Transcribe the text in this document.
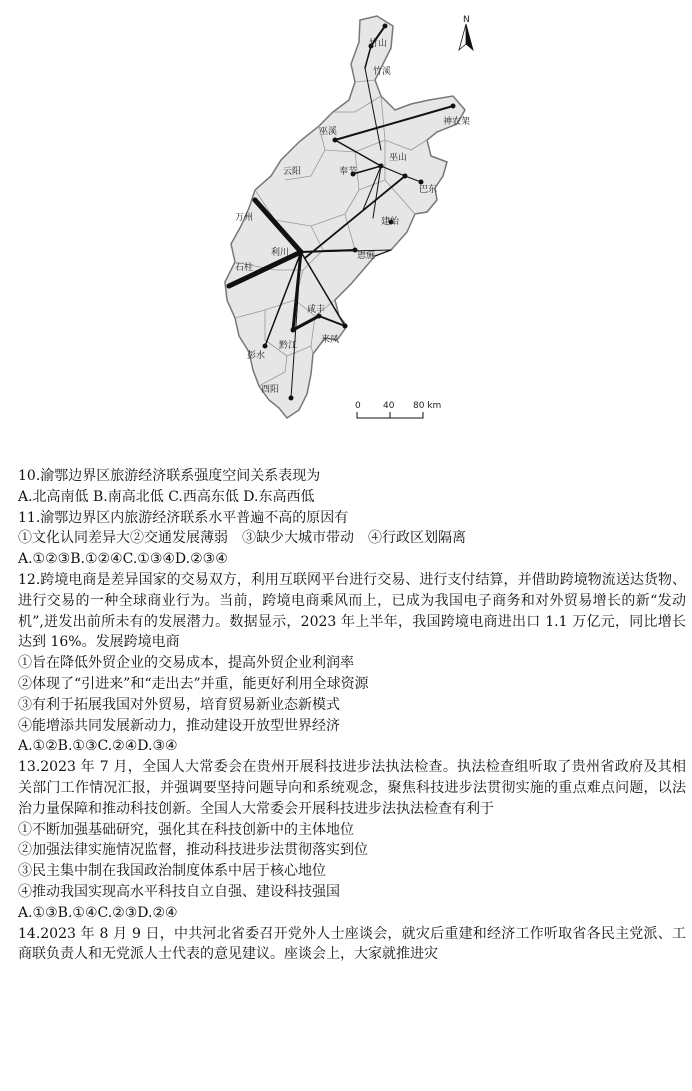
竹山
竹溪
神农架
巫溪
云阳	奉节
巫山
巴东
万州
利川
建始
恩施
石柱
咸丰
黔江
来凤
彭水
酉阳
N
0 40 80 km
10.渝鄂边界区旅游经济联系强度空间关系表现为
A.北高南低 B.南高北低 C.西高东低 D.东高西低
11.渝鄂边界区内旅游经济联系水平普遍不高的原因有
①文化认同差异大②交通发展薄弱　③缺少大城市带动　④行政区划隔离
A.①②③B.①②④C.①③④D.②③④
12.跨境电商是差异国家的交易双方，利用互联网平台进行交易、进行支付结算，并借助跨境物流送达货物、进行交易的一种全球商业行为。当前，跨境电商乘风而上，已成为我国电子商务和对外贸易增长的新“发动机”,迸发出前所未有的发展潜力。数据显示，2023 年上半年，我国跨境电商进出口 1.1 万亿元，同比增长达到 16%。发展跨境电商
①旨在降低外贸企业的交易成本，提高外贸企业利润率
②体现了“引进来”和“走出去”并重，能更好利用全球资源
③有利于拓展我国对外贸易，培育贸易新业态新模式
④能增添共同发展新动力，推动建设开放型世界经济
A.①②B.①③C.②④D.③④
13.2023 年 7 月，全国人大常委会在贵州开展科技进步法执法检查。执法检查组听取了贵州省政府及其相关部门工作情况汇报，并强调要坚持问题导向和系统观念，聚焦科技进步法贯彻实施的重点难点问题，以法治力量保障和推动科技创新。全国人大常委会开展科技进步法执法检查有利于
①不断加强基础研究，强化其在科技创新中的主体地位
②加强法律实施情况监督，推动科技进步法贯彻落实到位
③民主集中制在我国政治制度体系中居于核心地位
④推动我国实现高水平科技自立自强、建设科技强国
A.①③B.①④C.②③D.②④
14.2023 年 8 月 9 日，中共河北省委召开党外人士座谈会，就灾后重建和经济工作听取省各民主党派、工商联负责人和无党派人士代表的意见建议。座谈会上，大家就推进灾
